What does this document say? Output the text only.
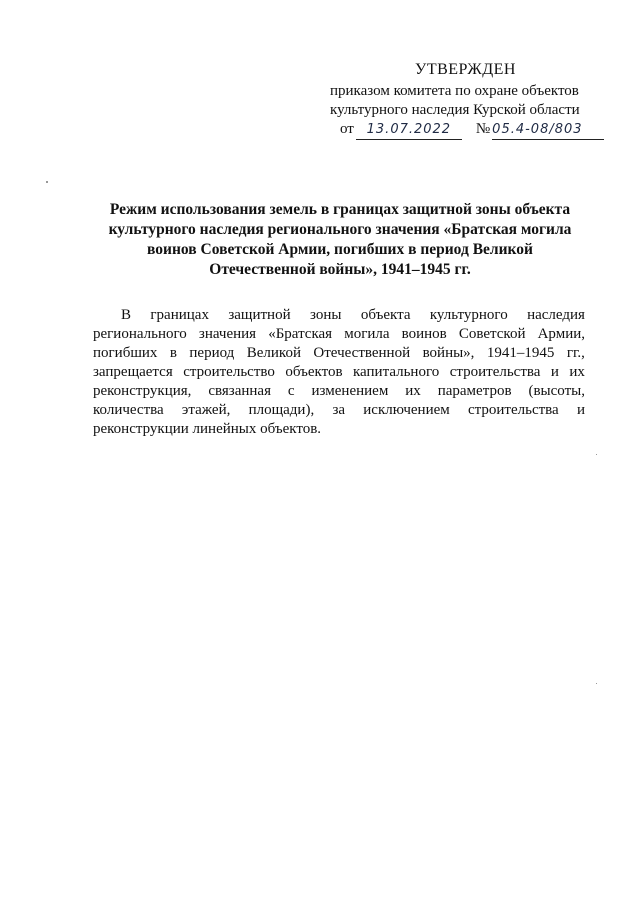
УТВЕРЖДЕН
приказом комитета по охране объектов
культурного наследия Курской области
от 13.07.2022 № 05.4-08/803
Режим использования земель в границах защитной зоны объекта
культурного наследия регионального значения «Братская могила
воинов Советской Армии, погибших в период Великой
Отечественной войны», 1941–1945 гг.
В границах защитной зоны объекта культурного наследия
регионального значения «Братская могила воинов Советской Армии,
погибших в период Великой Отечественной войны», 1941–1945 гг.,
запрещается строительство объектов капитального строительства и их
реконструкция, связанная с изменением их параметров (высоты,
количества этажей, площади), за исключением строительства и
реконструкции линейных объектов.
